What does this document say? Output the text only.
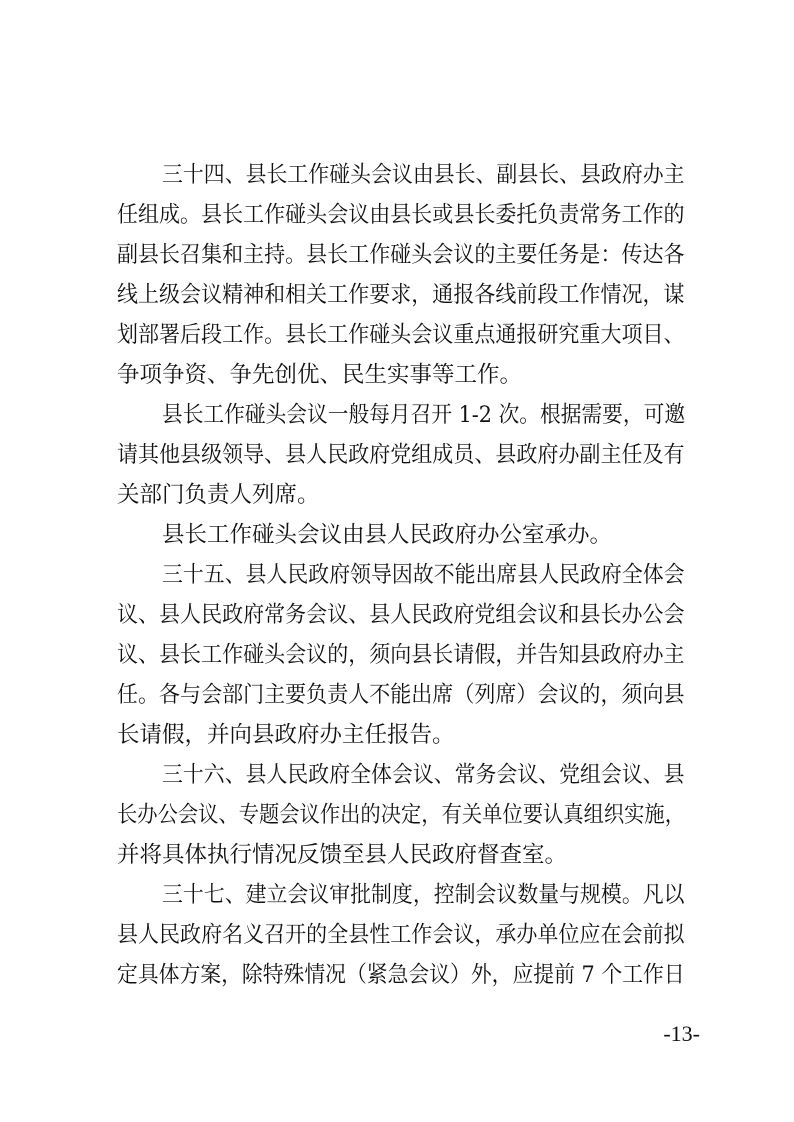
三十四、县长工作碰头会议由县长、副县长、县政府办主
任组成。县长工作碰头会议由县长或县长委托负责常务工作的
副县长召集和主持。县长工作碰头会议的主要任务是：传达各
线上级会议精神和相关工作要求，通报各线前段工作情况，谋
划部署后段工作。县长工作碰头会议重点通报研究重大项目、
争项争资、争先创优、民生实事等工作。
县长工作碰头会议一般每月召开 1-2 次。根据需要，可邀
请其他县级领导、县人民政府党组成员、县政府办副主任及有
关部门负责人列席。
县长工作碰头会议由县人民政府办公室承办。
三十五、县人民政府领导因故不能出席县人民政府全体会
议、县人民政府常务会议、县人民政府党组会议和县长办公会
议、县长工作碰头会议的，须向县长请假，并告知县政府办主
任。各与会部门主要负责人不能出席（列席）会议的，须向县
长请假，并向县政府办主任报告。
三十六、县人民政府全体会议、常务会议、党组会议、县
长办公会议、专题会议作出的决定，有关单位要认真组织实施，
并将具体执行情况反馈至县人民政府督查室。
三十七、建立会议审批制度，控制会议数量与规模。凡以
县人民政府名义召开的全县性工作会议，承办单位应在会前拟
定具体方案，除特殊情况（紧急会议）外，应提前 7 个工作日
-13-
